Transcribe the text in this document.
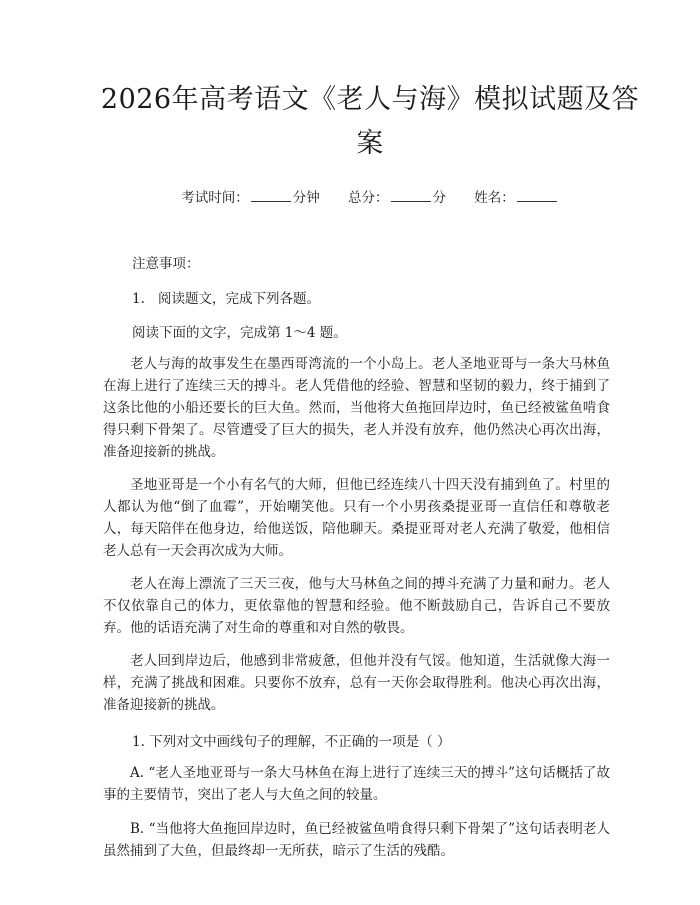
2026年高考语文《老人与海》模拟试题及答案
考试时间：	分钟 总分：	分 姓名：
注意事项：
1. 阅读题文，完成下列各题。
阅读下面的文字，完成第 1～4 题。

老人与海的故事发生在墨西哥湾流的一个小岛上。老人圣地亚哥与一条大马林鱼在海上进行了连续三天的搏斗。老人凭借他的经验、智慧和坚韧的毅力，终于捕到了这条比他的小船还要长的巨大鱼。然而，当他将大鱼拖回岸边时，鱼已经被鲨鱼啃食得只剩下骨架了。尽管遭受了巨大的损失，老人并没有放弃，他仍然决心再次出海，准备迎接新的挑战。

圣地亚哥是一个小有名气的大师，但他已经连续八十四天没有捕到鱼了。村里的人都认为他“倒了血霉”，开始嘲笑他。只有一个小男孩桑提亚哥一直信任和尊敬老人，每天陪伴在他身边，给他送饭，陪他聊天。桑提亚哥对老人充满了敬爱，他相信老人总有一天会再次成为大师。

老人在海上漂流了三天三夜，他与大马林鱼之间的搏斗充满了力量和耐力。老人不仅依靠自己的体力，更依靠他的智慧和经验。他不断鼓励自己，告诉自己不要放弃。他的话语充满了对生命的尊重和对自然的敬畏。

老人回到岸边后，他感到非常疲惫，但他并没有气馁。他知道，生活就像大海一样，充满了挑战和困难。只要你不放弃，总有一天你会取得胜利。他决心再次出海，准备迎接新的挑战。

1. 下列对文中画线句子的理解，不正确的一项是（ ）

A. “老人圣地亚哥与一条大马林鱼在海上进行了连续三天的搏斗”这句话概括了故事的主要情节，突出了老人与大鱼之间的较量。

B. “当他将大鱼拖回岸边时，鱼已经被鲨鱼啃食得只剩下骨架了”这句话表明老人虽然捕到了大鱼，但最终却一无所获，暗示了生活的残酷。
